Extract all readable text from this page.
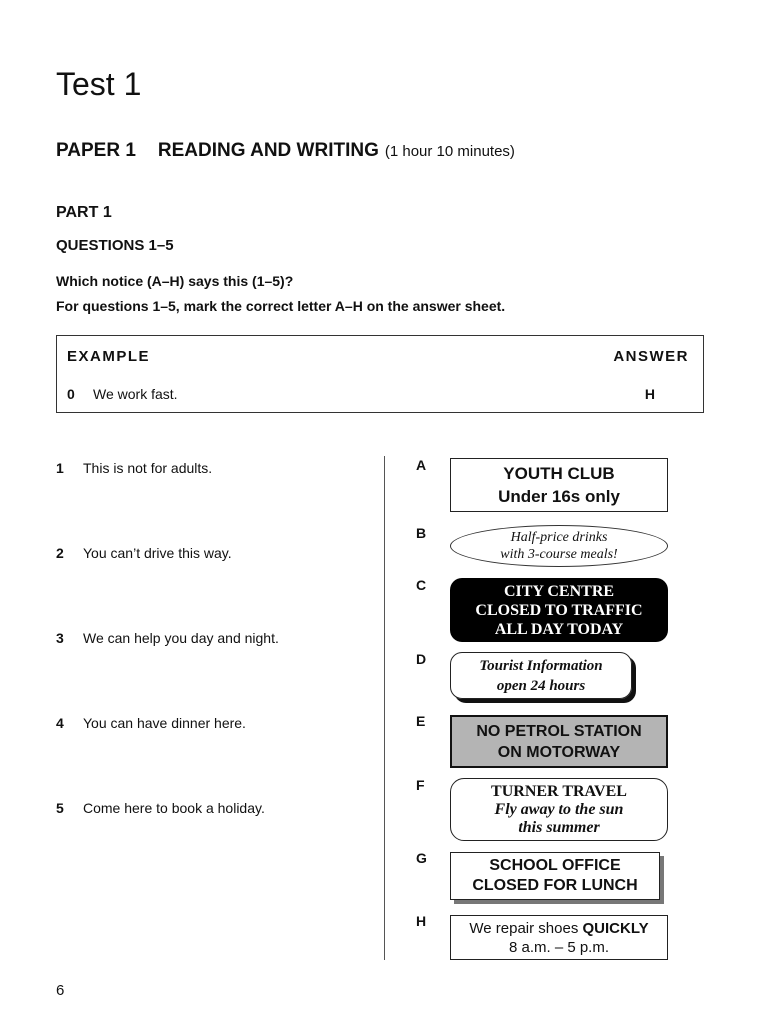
Test 1
PAPER 1 READING AND WRITING (1 hour 10 minutes)
PART 1
QUESTIONS 1–5
Which notice (A–H) says this (1–5)?
For questions 1–5, mark the correct letter A–H on the answer sheet.
EXAMPLE	ANSWER
0 We work fast.	H
1 This is not for adults.
2 You can’t drive this way.
3 We can help you day and night.
4 You can have dinner here.
5 Come here to book a holiday.
A
B
C
D
E
F
G
H
YOUTH CLUB
Under 16s only
Half-price drinks
with 3-course meals!
CITY CENTRE
CLOSED TO TRAFFIC
ALL DAY TODAY
Tourist Information
open 24 hours
NO PETROL STATION
ON MOTORWAY
TURNER TRAVEL
Fly away to the sun
this summer
SCHOOL OFFICE
CLOSED FOR LUNCH
We repair shoes QUICKLY
8 a.m. – 5 p.m.
6
